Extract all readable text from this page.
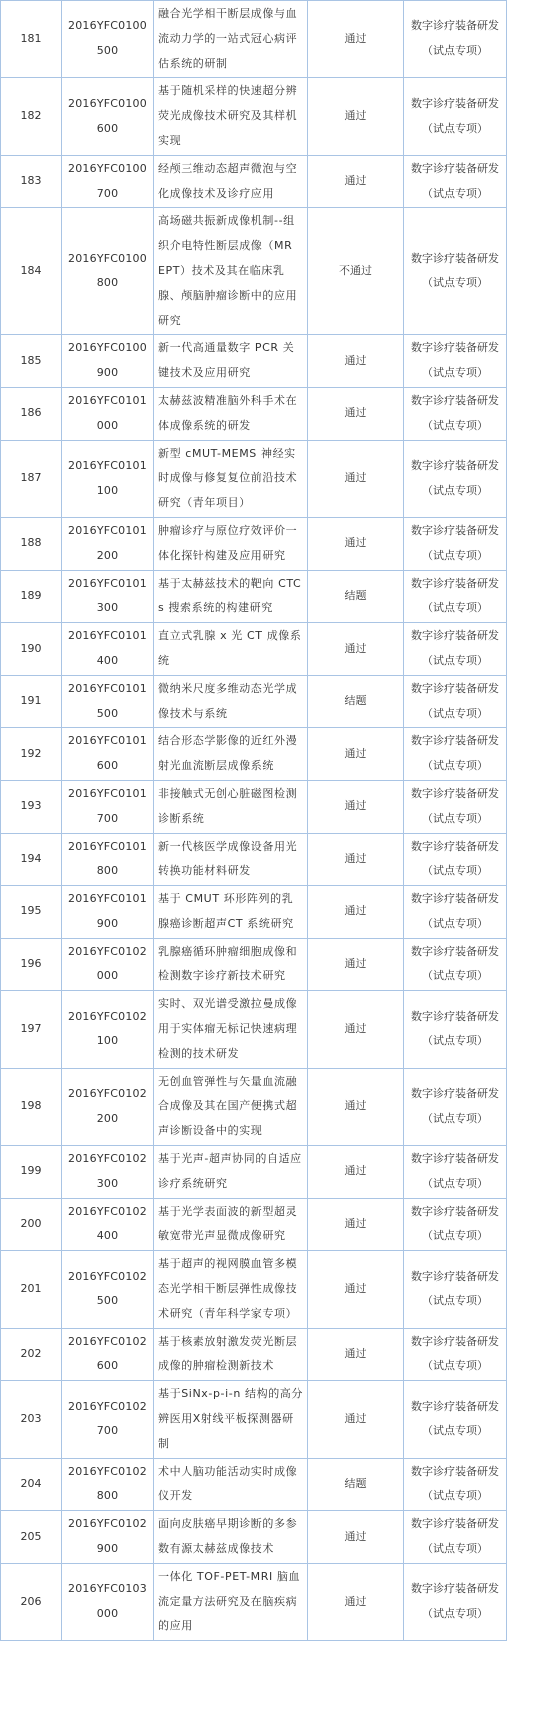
181	2016YFC0100500	融合光学相干断层成像与血流动力学的一站式冠心病评估系统的研制	通过	数字诊疗装备研发（试点专项）
182	2016YFC0100600	基于随机采样的快速超分辨荧光成像技术研究及其样机实现	通过	数字诊疗装备研发（试点专项）
183	2016YFC0100700	经颅三维动态超声微泡与空化成像技术及诊疗应用	通过	数字诊疗装备研发（试点专项）
184	2016YFC0100800	高场磁共振新成像机制--组织介电特性断层成像（MR EPT）技术及其在临床乳腺、颅脑肿瘤诊断中的应用研究	不通过	数字诊疗装备研发（试点专项）
185	2016YFC0100900	新一代高通量数字 PCR 关键技术及应用研究	通过	数字诊疗装备研发（试点专项）
186	2016YFC0101000	太赫兹波精准脑外科手术在体成像系统的研发	通过	数字诊疗装备研发（试点专项）
187	2016YFC0101100	新型 cMUT-MEMS 神经实时成像与修复复位前沿技术研究（青年项目）	通过	数字诊疗装备研发（试点专项）
188	2016YFC0101200	肿瘤诊疗与原位疗效评价一体化探针构建及应用研究	通过	数字诊疗装备研发（试点专项）
189	2016YFC0101300	基于太赫兹技术的靶向 CTCs 搜索系统的构建研究	结题	数字诊疗装备研发（试点专项）
190	2016YFC0101400	直立式乳腺 x 光 CT 成像系统	通过	数字诊疗装备研发（试点专项）
191	2016YFC0101500	微纳米尺度多维动态光学成像技术与系统	结题	数字诊疗装备研发（试点专项）
192	2016YFC0101600	结合形态学影像的近红外漫射光血流断层成像系统	通过	数字诊疗装备研发（试点专项）
193	2016YFC0101700	非接触式无创心脏磁图检测诊断系统	通过	数字诊疗装备研发（试点专项）
194	2016YFC0101800	新一代核医学成像设备用光转换功能材料研发	通过	数字诊疗装备研发（试点专项）
195	2016YFC0101900	基于 CMUT 环形阵列的乳腺癌诊断超声CT 系统研究	通过	数字诊疗装备研发（试点专项）
196	2016YFC0102000	乳腺癌循环肿瘤细胞成像和检测数字诊疗新技术研究	通过	数字诊疗装备研发（试点专项）
197	2016YFC0102100	实时、双光谱受激拉曼成像用于实体瘤无标记快速病理检测的技术研发	通过	数字诊疗装备研发（试点专项）
198	2016YFC0102200	无创血管弹性与矢量血流融合成像及其在国产便携式超声诊断设备中的实现	通过	数字诊疗装备研发（试点专项）
199	2016YFC0102300	基于光声-超声协同的自适应诊疗系统研究	通过	数字诊疗装备研发（试点专项）
200	2016YFC0102400	基于光学表面波的新型超灵敏宽带光声显微成像研究	通过	数字诊疗装备研发（试点专项）
201	2016YFC0102500	基于超声的视网膜血管多模态光学相干断层弹性成像技术研究（青年科学家专项）	通过	数字诊疗装备研发（试点专项）
202	2016YFC0102600	基于核素放射激发荧光断层成像的肿瘤检测新技术	通过	数字诊疗装备研发（试点专项）
203	2016YFC0102700	基于SiNx-p-i-n 结构的高分辨医用X射线平板探测器研制	通过	数字诊疗装备研发（试点专项）
204	2016YFC0102800	术中人脑功能活动实时成像仪开发	结题	数字诊疗装备研发（试点专项）
205	2016YFC0102900	面向皮肤癌早期诊断的多参数有源太赫兹成像技术	通过	数字诊疗装备研发（试点专项）
206	2016YFC0103000	一体化 TOF-PET-MRI 脑血流定量方法研究及在脑疾病的应用	通过	数字诊疗装备研发（试点专项）
